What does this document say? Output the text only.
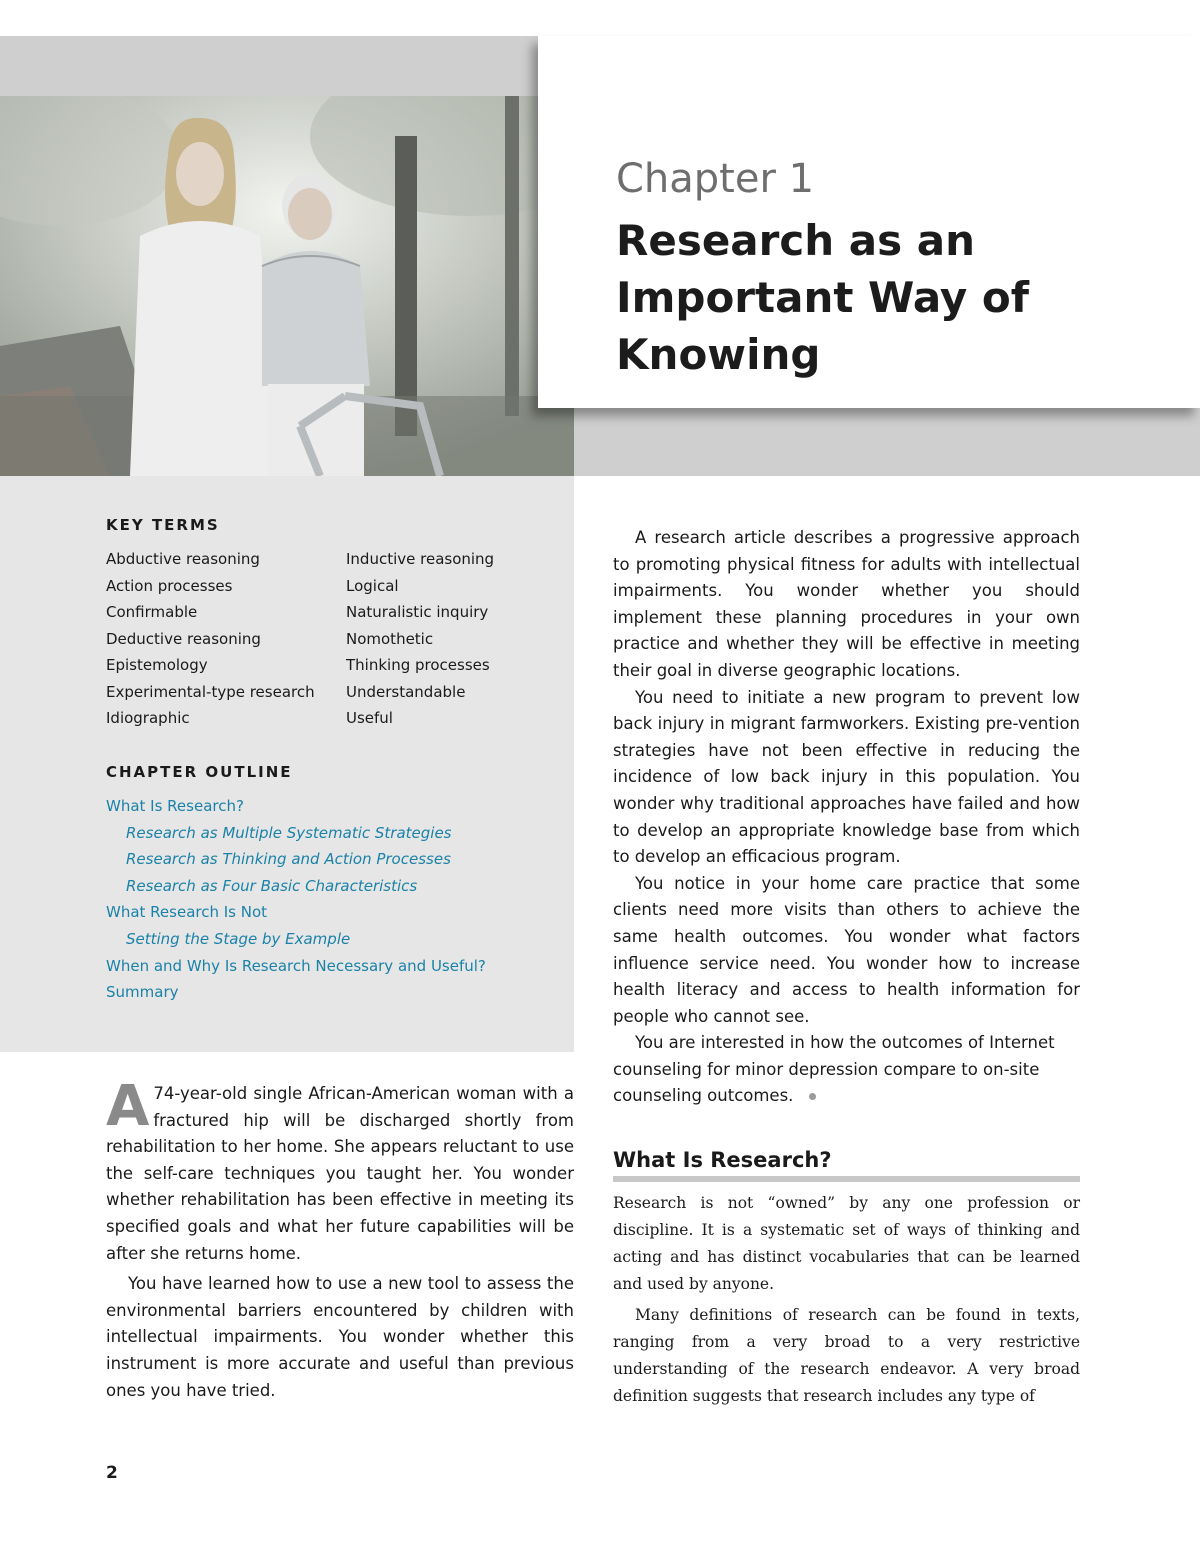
Chapter 1
Research as an Important Way of Knowing
KEY TERMS
Abductive reasoning
Action processes
Confirmable
Deductive reasoning
Epistemology
Experimental-type research
Idiographic
Inductive reasoning
Logical
Naturalistic inquiry
Nomothetic
Thinking processes
Understandable
Useful
CHAPTER OUTLINE
What Is Research?
Research as Multiple Systematic Strategies
Research as Thinking and Action Processes
Research as Four Basic Characteristics
What Research Is Not
Setting the Stage by Example
When and Why Is Research Necessary and Useful?
Summary

A 74-year-old single African-American woman with a fractured hip will be discharged shortly from rehabilitation to her home. She appears reluctant to use the self-care techniques you taught her. You wonder whether rehabilitation has been effective in meeting its specified goals and what her future capabilities will be after she returns home.

You have learned how to use a new tool to assess the environmental barriers encountered by children with intellectual impairments. You wonder whether this instrument is more accurate and useful than previous ones you have tried.

A research article describes a progressive approach to promoting physical fitness for adults with intellectual impairments. You wonder whether you should implement these planning procedures in your own practice and whether they will be effective in meeting their goal in diverse geographic locations.

You need to initiate a new program to prevent low back injury in migrant farmworkers. Existing pre-vention strategies have not been effective in reducing the incidence of low back injury in this population. You wonder why traditional approaches have failed and how to develop an appropriate knowledge base from which to develop an efficacious program.

You notice in your home care practice that some clients need more visits than others to achieve the same health outcomes. You wonder what factors influence service need. You wonder how to increase health literacy and access to health information for people who cannot see.

You are interested in how the outcomes of Internet counseling for minor depression compare to on-site counseling outcomes.

What Is Research?

Research is not “owned” by any one profession or discipline. It is a systematic set of ways of thinking and acting and has distinct vocabularies that can be learned and used by anyone.

Many definitions of research can be found in texts, ranging from a very broad to a very restrictive understanding of the research endeavor. A very broad definition suggests that research includes any type of

2
